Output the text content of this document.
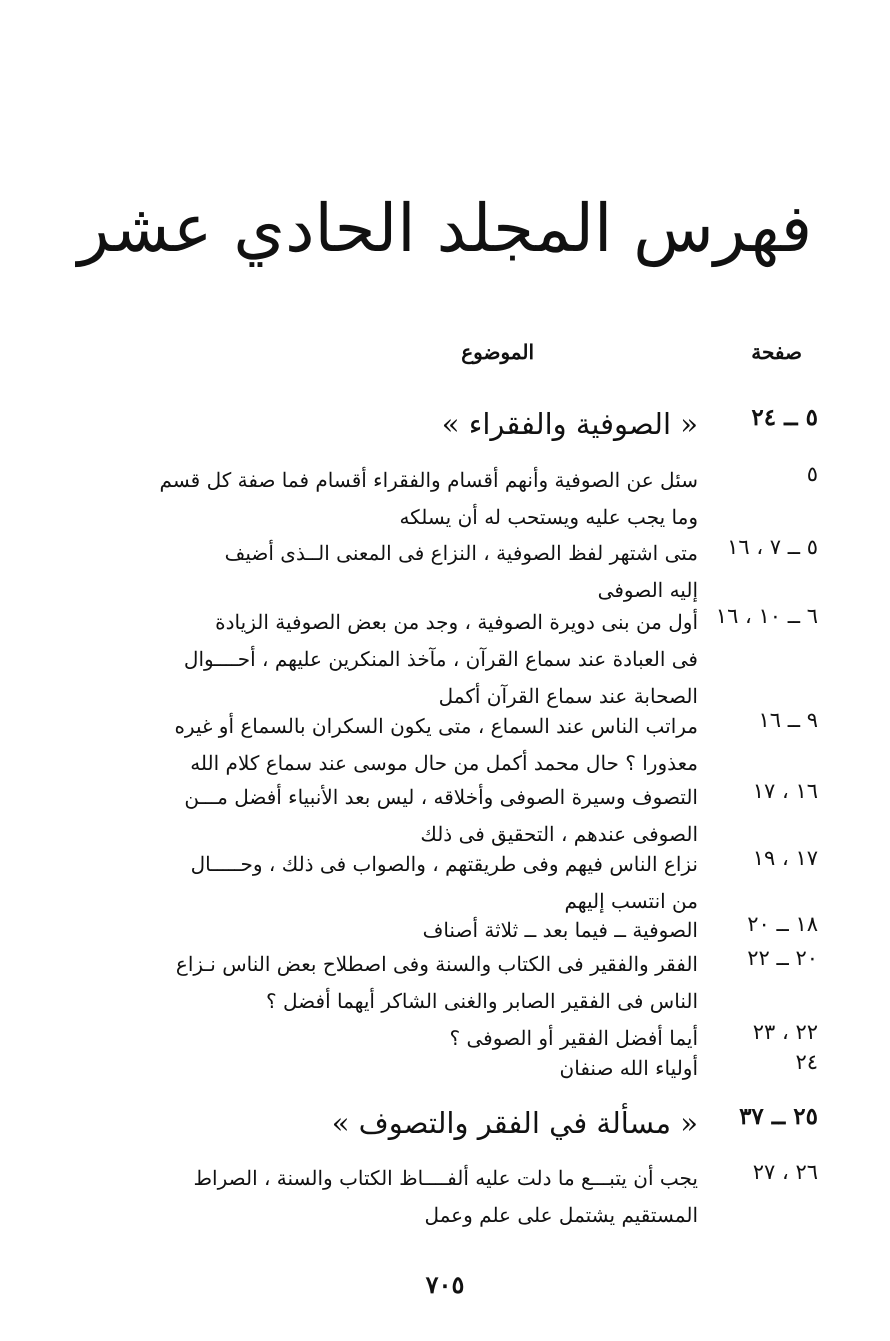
فهرس المجلد الحادي عشر
صفحة
الموضوع
٥ ــ ٢٤
« الصوفية والفقراء »
٥
سئل عن الصوفية وأنهم أقسام والفقراء أقسام فما صفة كل قسم
وما يجب عليه ويستحب له أن يسلكه
٥ ــ ٧ ، ١٦
متى اشتهر لفظ الصوفية ، النزاع فى المعنى الــذى أضيف
إليه الصوفى
٦ ــ ١٠ ، ١٦
أول من بنى دويرة الصوفية ، وجد من بعض الصوفية الزيادة
فى العبادة عند سماع القرآن ، مآخذ المنكرين عليهم ، أحــــوال
الصحابة عند سماع القرآن أكمل
٩ ــ ١٦
مراتب الناس عند السماع ، متى يكون السكران بالسماع أو غيره
معذورا ؟ حال محمد أكمل من حال موسى عند سماع كلام الله
١٦ ، ١٧
التصوف وسيرة الصوفى وأخلاقه ، ليس بعد الأنبياء أفضل مـــن
الصوفى عندهم ، التحقيق فى ذلك
١٧ ، ١٩
نزاع الناس فيهم وفى طريقتهم ، والصواب فى ذلك ، وحـــــال
من انتسب إليهم
١٨ ــ ٢٠
الصوفية ــ فيما بعد ــ ثلاثة أصناف
٢٠ ــ ٢٢
الفقر والفقير فى الكتاب والسنة وفى اصطلاح بعض الناس نـزاع
الناس فى الفقير الصابر والغنى الشاكر أيهما أفضل ؟
٢٢ ، ٢٣
أيما أفضل الفقير أو الصوفى ؟
٢٤
أولياء الله صنفان
٢٥ ــ ٣٧
« مسألة في الفقر والتصوف »
٢٦ ، ٢٧
يجب أن يتبـــع ما دلت عليه ألفــــاظ الكتاب والسنة ، الصراط
المستقيم يشتمل على علم وعمل
٧٠٥
